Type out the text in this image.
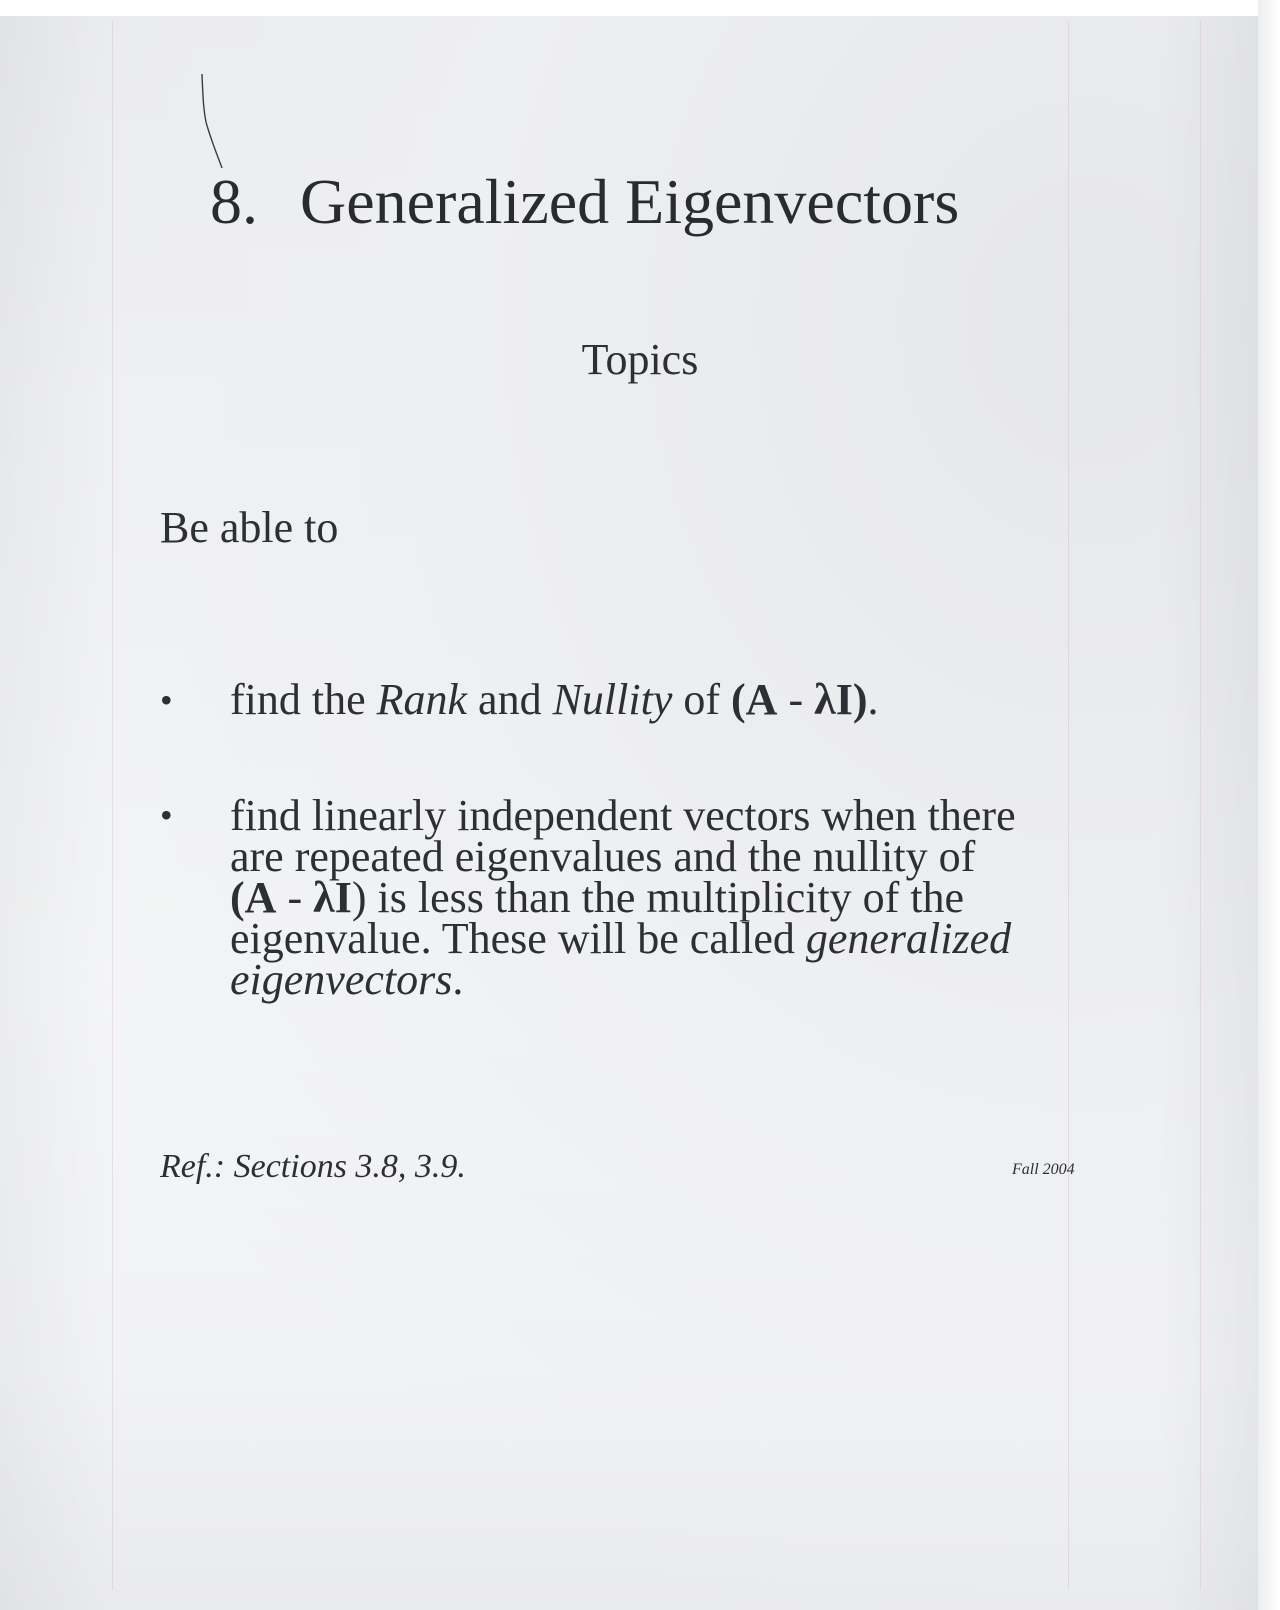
8. Generalized Eigenvectors
Topics
Be able to
•	find the Rank and Nullity of (A - λI).
•	find linearly independent vectors when there
are repeated eigenvalues and the nullity of
(A - λI) is less than the multiplicity of the
eigenvalue. These will be called generalized
eigenvectors.
Ref.: Sections 3.8, 3.9.	Fall 2004
